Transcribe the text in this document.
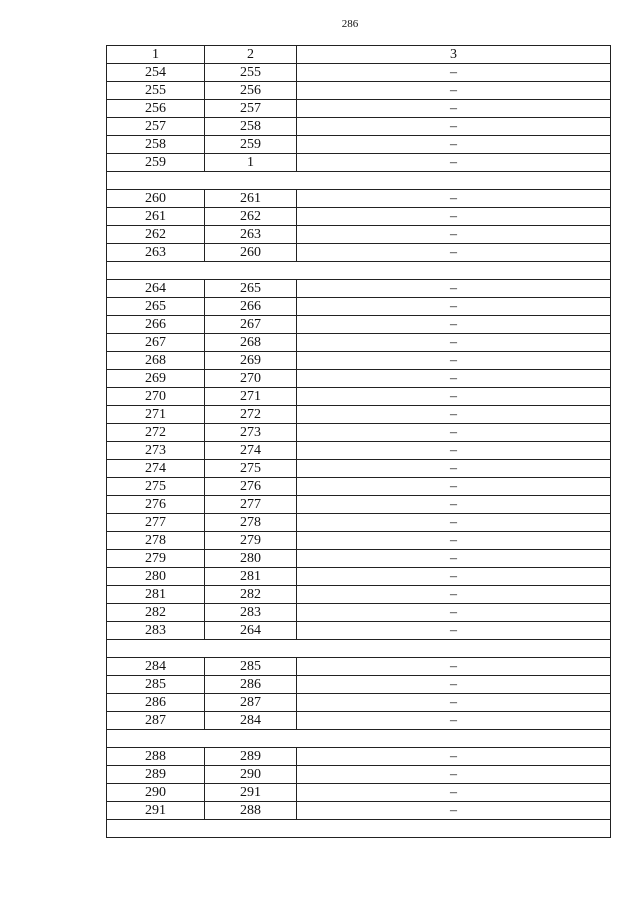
286
1	2	3
254	255	–
255	256	–
256	257	–
257	258	–
258	259	–
259	1	–

260	261	–
261	262	–
262	263	–
263	260	–

264	265	–
265	266	–
266	267	–
267	268	–
268	269	–
269	270	–
270	271	–
271	272	–
272	273	–
273	274	–
274	275	–
275	276	–
276	277	–
277	278	–
278	279	–
279	280	–
280	281	–
281	282	–
282	283	–
283	264	–

284	285	–
285	286	–
286	287	–
287	284	–

288	289	–
289	290	–
290	291	–
291	288	–
